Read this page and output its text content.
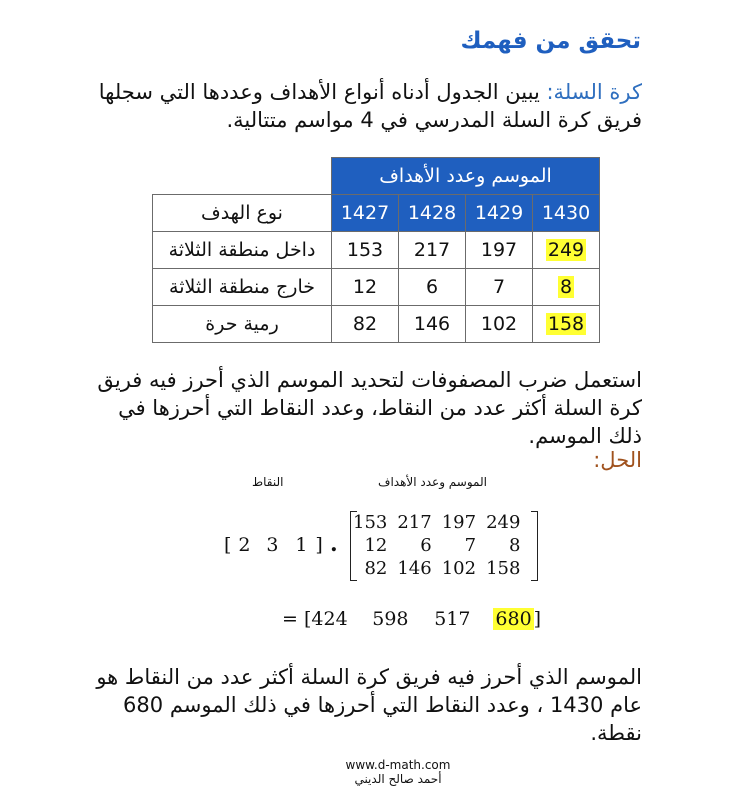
تحقق من فهمك
كرة السلة: يبين الجدول أدناه أنواع الأهداف وعددها التي سجلها فريق كرة السلة المدرسي في 4 مواسم متتالية.
	الموسم وعدد الأهداف			
نوع الهدف	1427	1428	1429	1430
داخل منطقة الثلاثة	153	217	197	249
خارج منطقة الثلاثة	12	6	7	8
رمية حرة	82	146	102	158
استعمل ضرب المصفوفات لتحديد الموسم الذي أحرز فيه فريق كرة السلة أكثر عدد من النقاط، وعدد النقاط التي أحرزها في ذلك الموسم.
الحل:
النقاط	الموسم وعدد الأهداف
[ 2 3 1 ] .
153	217	197	249
12	6	7	8
82	146	102	158
= [424 598 517 680 ]
الموسم الذي أحرز فيه فريق كرة السلة أكثر عدد من النقاط هو عام 1430 ، وعدد النقاط التي أحرزها في ذلك الموسم 680 نقطة.
www.d-math.com
أحمد صالح الديني
